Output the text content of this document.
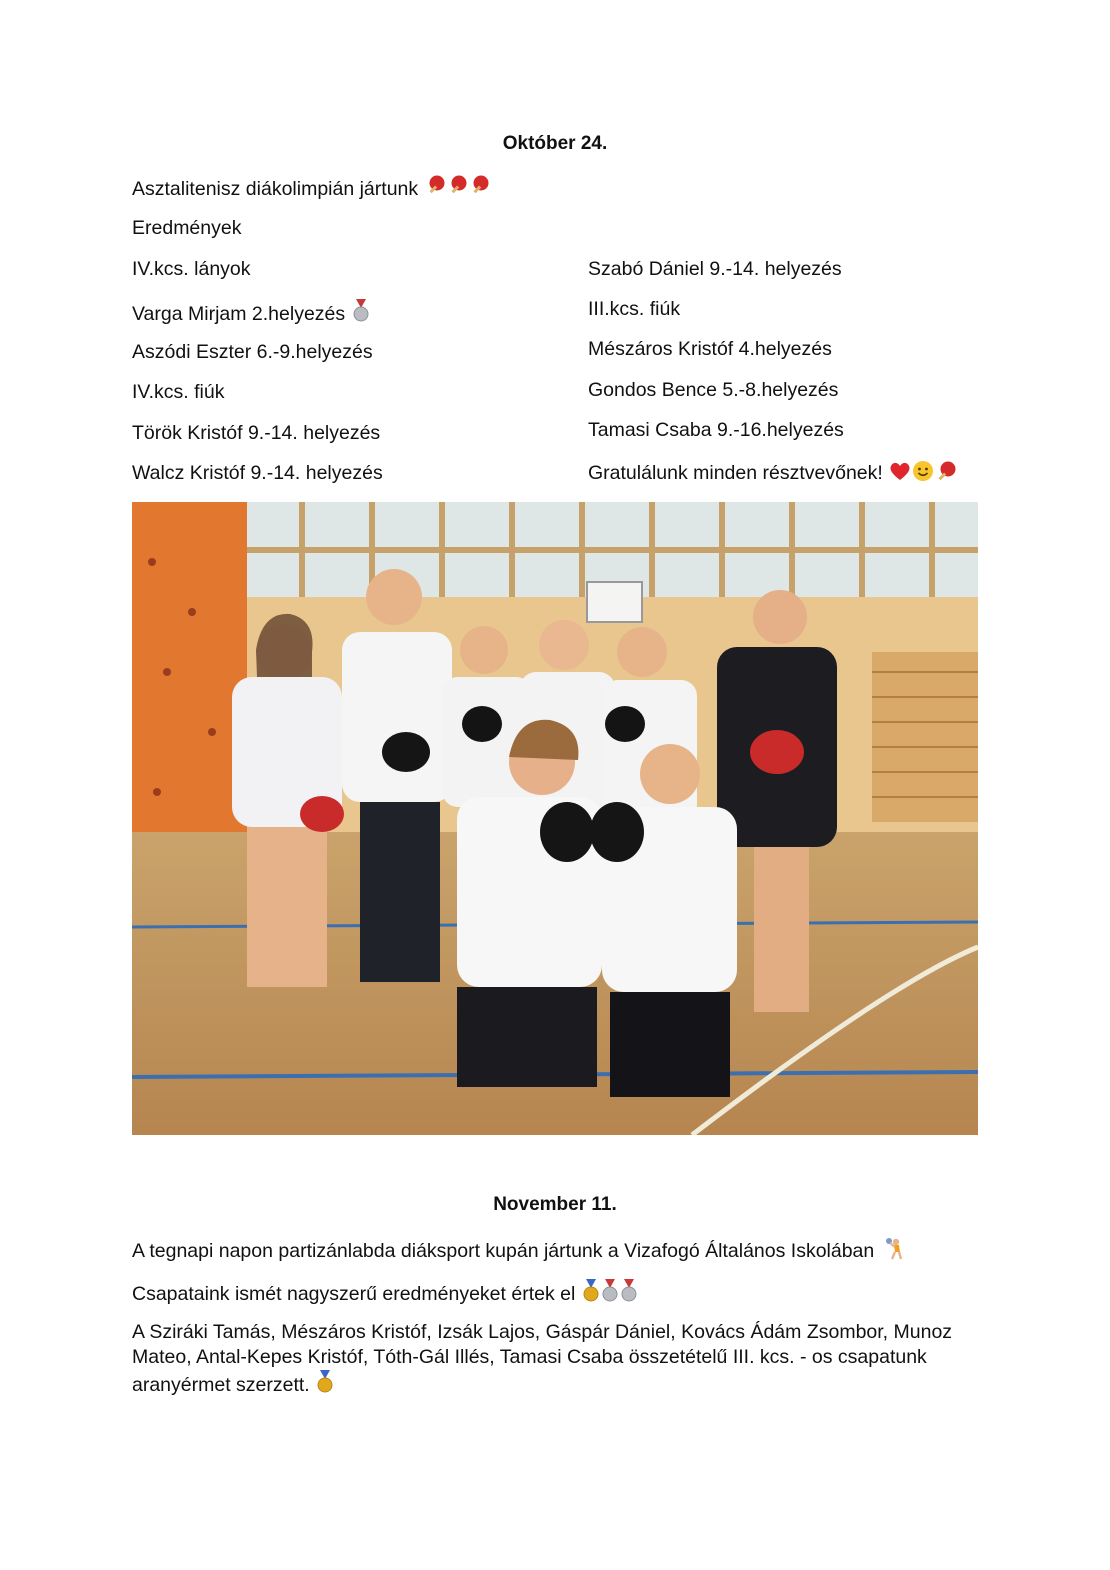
Október 24.
Asztalitenisz diákolimpián jártunk
Eredmények
IV.kcs. lányok
Varga Mirjam 2.helyezés
Aszódi Eszter 6.-9.helyezés
IV.kcs. fiúk
Török Kristóf 9.-14. helyezés
Walcz Kristóf 9.-14. helyezés
Szabó Dániel 9.-14. helyezés
III.kcs. fiúk
Mészáros Kristóf 4.helyezés
Gondos Bence 5.-8.helyezés
Tamasi Csaba 9.-16.helyezés
Gratulálunk minden résztvevőnek!
November 11.
A tegnapi napon partizánlabda diáksport kupán jártunk a Vizafogó Általános Iskolában
Csapataink ismét nagyszerű eredményeket értek el
A Sziráki Tamás, Mészáros Kristóf, Izsák Lajos, Gáspár Dániel, Kovács Ádám Zsombor, Munoz Mateo, Antal-Kepes Kristóf, Tóth-Gál Illés, Tamasi Csaba összetételű III. kcs. - os csapatunk aranyérmet szerzett.
